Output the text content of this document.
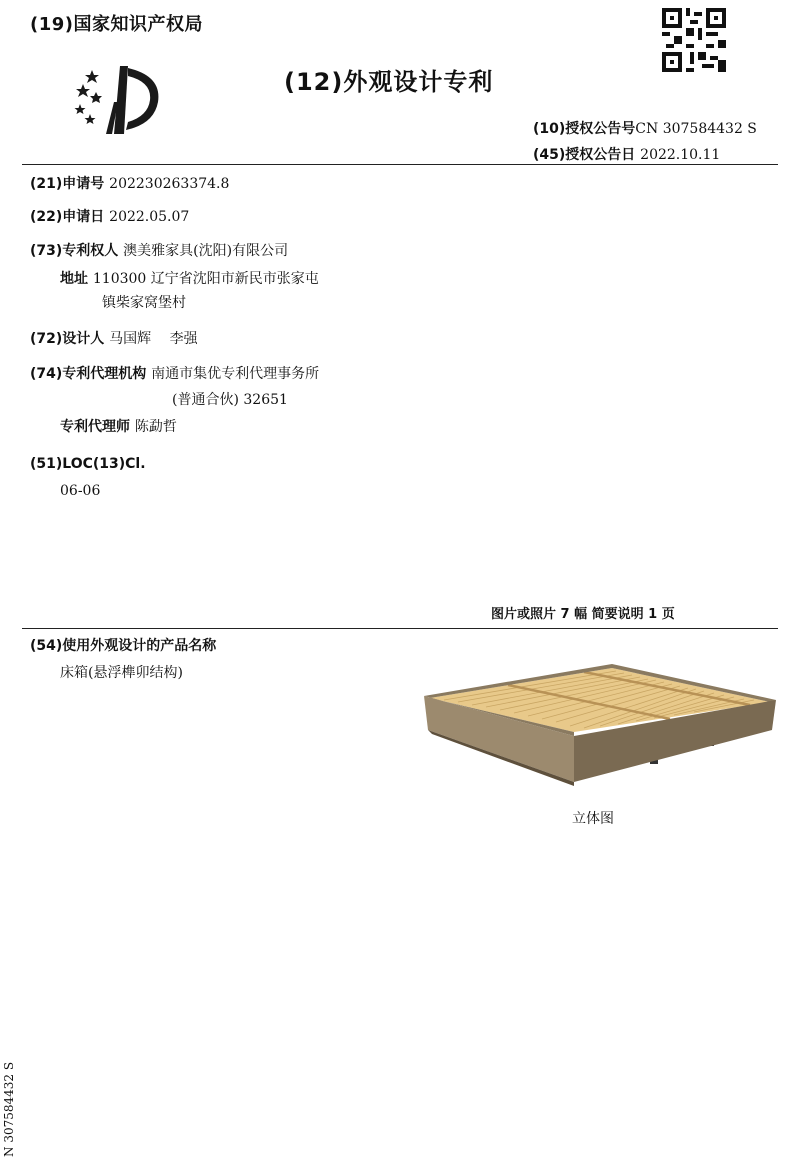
(19)国家知识产权局
(12)外观设计专利
(10)授权公告号CN 307584432 S
(45)授权公告日 2022.10.11
(21)申请号 202230263374.8
(22)申请日 2022.05.07
(73)专利权人 澳美雅家具(沈阳)有限公司
地址 110300 辽宁省沈阳市新民市张家屯
镇柴家窝堡村
(72)设计人 马国辉　 李强
(74)专利代理机构 南通市集优专利代理事务所
(普通合伙) 32651
专利代理师 陈勐哲
(51)LOC(13)Cl.
06-06
图片或照片 7 幅 简要说明 1 页
(54)使用外观设计的产品名称
床箱(悬浮榫卯结构)
立体图
N 307584432 S
